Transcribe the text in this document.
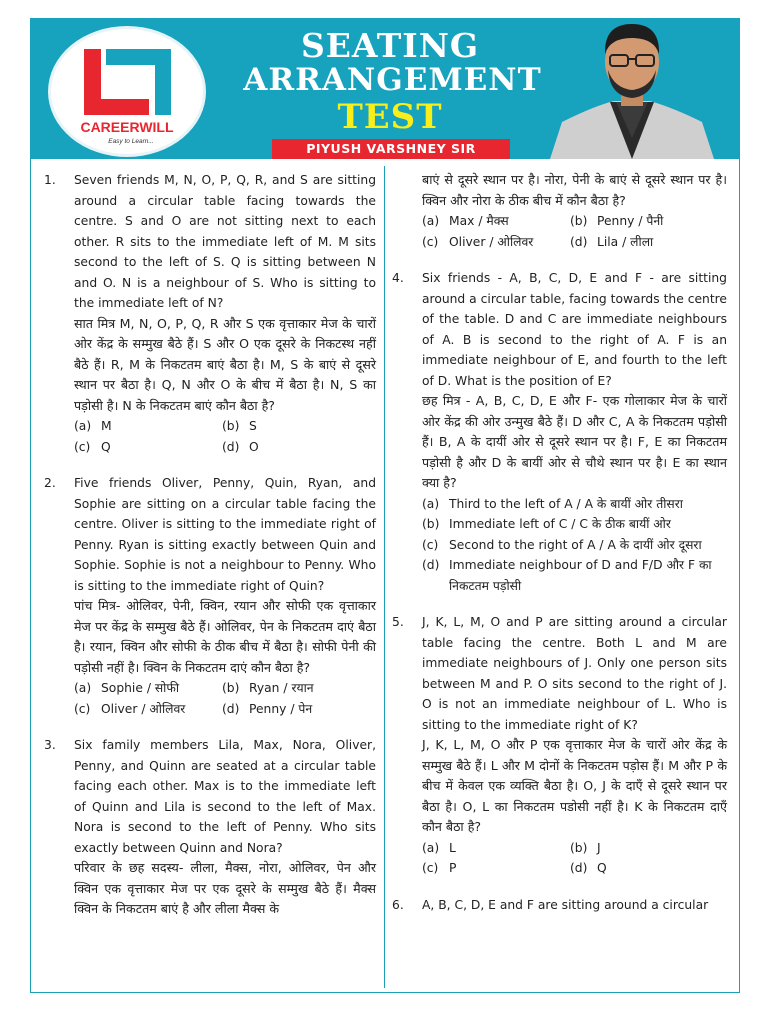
CAREERWILL
Easy to Learn...
SEATING
ARRANGEMENT
TEST
PIYUSH VARSHNEY SIR
1. Seven friends M, N, O, P, Q, R, and S are sitting around a circular table facing towards the centre. S and O are not sitting next to each other. R sits to the immediate left of M. M sits second to the left of S. Q is sitting between N and O. N is a neighbour of S. Who is sitting to the immediate left of N?
सात मित्र M, N, O, P, Q, R और S एक वृत्ताकार मेज के चारों ओर केंद्र के सम्मुख बैठे हैं। S और O एक दूसरे के निकटस्थ नहीं बैठे हैं। R, M के निकटतम बाएं बैठा है। M, S के बाएं से दूसरे स्थान पर बैठा है। Q, N और O के बीच में बैठा है। N, S का पड़ोसी है। N के निकटतम बाएं कौन बैठा है?
(a) M	(b) S
(c) Q	(d) O
2. Five friends Oliver, Penny, Quin, Ryan, and Sophie are sitting on a circular table facing the centre. Oliver is sitting to the immediate right of Penny. Ryan is sitting exactly between Quin and Sophie. Sophie is not a neighbour to Penny. Who is sitting to the immediate right of Quin?
पांच मित्र- ओलिवर, पेनी, क्विन, रयान और सोफी एक वृत्ताकार मेज पर केंद्र के सम्मुख बैठे हैं। ओलिवर, पेन के निकटतम दाएं बैठा है। रयान, क्विन और सोफी के ठीक बीच में बैठा है। सोफी पेनी की पड़ोसी नहीं है। क्विन के निकटतम दाएं कौन बैठा है?
(a) Sophie / सोफी	(b) Ryan / रयान
(c) Oliver / ओलिवर	(d) Penny / पेन
3. Six family members Lila, Max, Nora, Oliver, Penny, and Quinn are seated at a circular table facing each other. Max is to the immediate left of Quinn and Lila is second to the left of Max. Nora is second to the left of Penny. Who sits exactly between Quinn and Nora?
परिवार के छह सदस्य- लीला, मैक्स, नोरा, ओलिवर, पेन और क्विन एक वृत्ताकार मेज पर एक दूसरे के सम्मुख बैठे हैं। मैक्स क्विन के निकटतम बाएं है और लीला मैक्स के
बाएं से दूसरे स्थान पर है। नोरा, पेनी के बाएं से दूसरे स्थान पर है। क्विन और नोरा के ठीक बीच में कौन बैठा है?
(a) Max / मैक्स	(b) Penny / पैनी
(c) Oliver / ओलिवर	(d) Lila / लीला
4. Six friends - A, B, C, D, E and F - are sitting around a circular table, facing towards the centre of the table. D and C are immediate neighbours of A. B is second to the right of A. F is an immediate neighbour of E, and fourth to the left of D. What is the position of E?
छह मित्र - A, B, C, D, E और F- एक गोलाकार मेज के चारों ओर केंद्र की ओर उन्मुख बैठे हैं। D और C, A के निकटतम पड़ोसी हैं। B, A के दायीं ओर से दूसरे स्थान पर है। F, E का निकटतम पड़ोसी है और D के बायीं ओर से चौथे स्थान पर है। E का स्थान क्या है?
(a) Third to the left of A / A के बायीं ओर तीसरा
(b) Immediate left of C / C के ठीक बायीं ओर
(c) Second to the right of A / A के दायीं ओर दूसरा
(d) Immediate neighbour of D and F/D और F का निकटतम पड़ोसी
5. J, K, L, M, O and P are sitting around a circular table facing the centre. Both L and M are immediate neighbours of J. Only one person sits between M and P. O sits second to the right of J. O is not an immediate neighbour of L. Who is sitting to the immediate right of K?
J, K, L, M, O और P एक वृत्ताकार मेज के चारों ओर केंद्र के सम्मुख बैठे हैं। L और M दोनों के निकटतम पड़ोस हैं। M और P के बीच में केवल एक व्यक्ति बैठा है। O, J के दाएँ से दूसरे स्थान पर बैठा है। O, L का निकटतम पडोसी नहीं है। K के निकटतम दाएँ कौन बैठा है?
(a) L	(b) J
(c) P	(d) Q
6. A, B, C, D, E and F are sitting around a circular
